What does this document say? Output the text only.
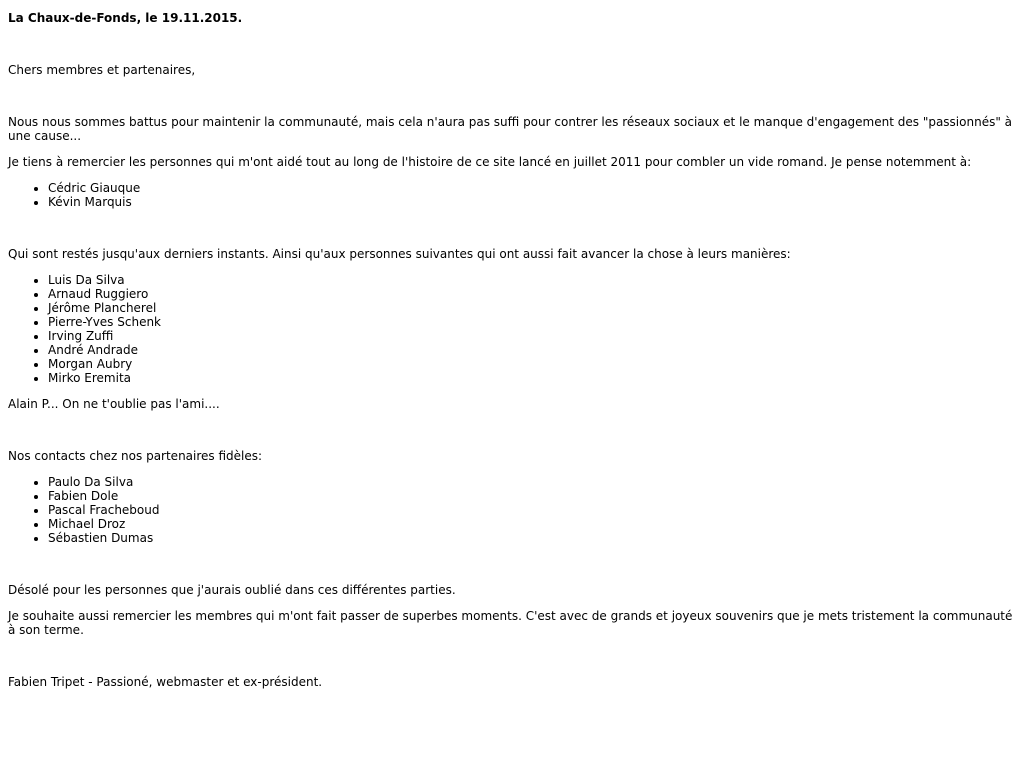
La Chaux-de-Fonds, le 19.11.2015.

Chers membres et partenaires,

Nous nous sommes battus pour maintenir la communauté, mais cela n'aura pas suffi pour contrer les réseaux sociaux et le manque d'engagement des "passionnés" à une cause...

Je tiens à remercier les personnes qui m'ont aidé tout au long de l'histoire de ce site lancé en juillet 2011 pour combler un vide romand. Je pense notemment à:

• Cédric Giauque
• Kévin Marquis

Qui sont restés jusqu'aux derniers instants. Ainsi qu'aux personnes suivantes qui ont aussi fait avancer la chose à leurs manières:

• Luis Da Silva
• Arnaud Ruggiero
• Jérôme Plancherel
• Pierre-Yves Schenk
• Irving Zuffi
• André Andrade
• Morgan Aubry
• Mirko Eremita

Alain P... On ne t'oublie pas l'ami....

Nos contacts chez nos partenaires fidèles:

• Paulo Da Silva
• Fabien Dole
• Pascal Fracheboud
• Michael Droz
• Sébastien Dumas

Désolé pour les personnes que j'aurais oublié dans ces différentes parties.

Je souhaite aussi remercier les membres qui m'ont fait passer de superbes moments. C'est avec de grands et joyeux souvenirs que je mets tristement la communauté à son terme.

Fabien Tripet - Passioné, webmaster et ex-président.
